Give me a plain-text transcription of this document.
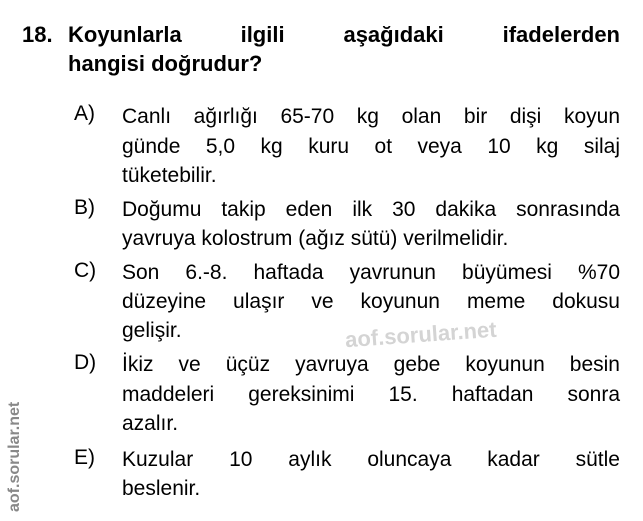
18. Koyunlarla ilgili aşağıdaki ifadelerden
hangisi doğrudur?
A) Canlı ağırlığı 65-70 kg olan bir dişi koyun
günde 5,0 kg kuru ot veya 10 kg silaj
tüketebilir.
B) Doğumu takip eden ilk 30 dakika sonrasında
yavruya kolostrum (ağız sütü) verilmelidir.
C) Son 6.-8. haftada yavrunun büyümesi %70
düzeyine ulaşır ve koyunun meme dokusu
gelişir.	aof.sorular.net
D) İkiz ve üçüz yavruya gebe koyunun besin
maddeleri gereksinimi 15. haftadan sonra
azalır.
E) Kuzular 10 aylık oluncaya kadar sütle
beslenir.
aof.sorular.net
